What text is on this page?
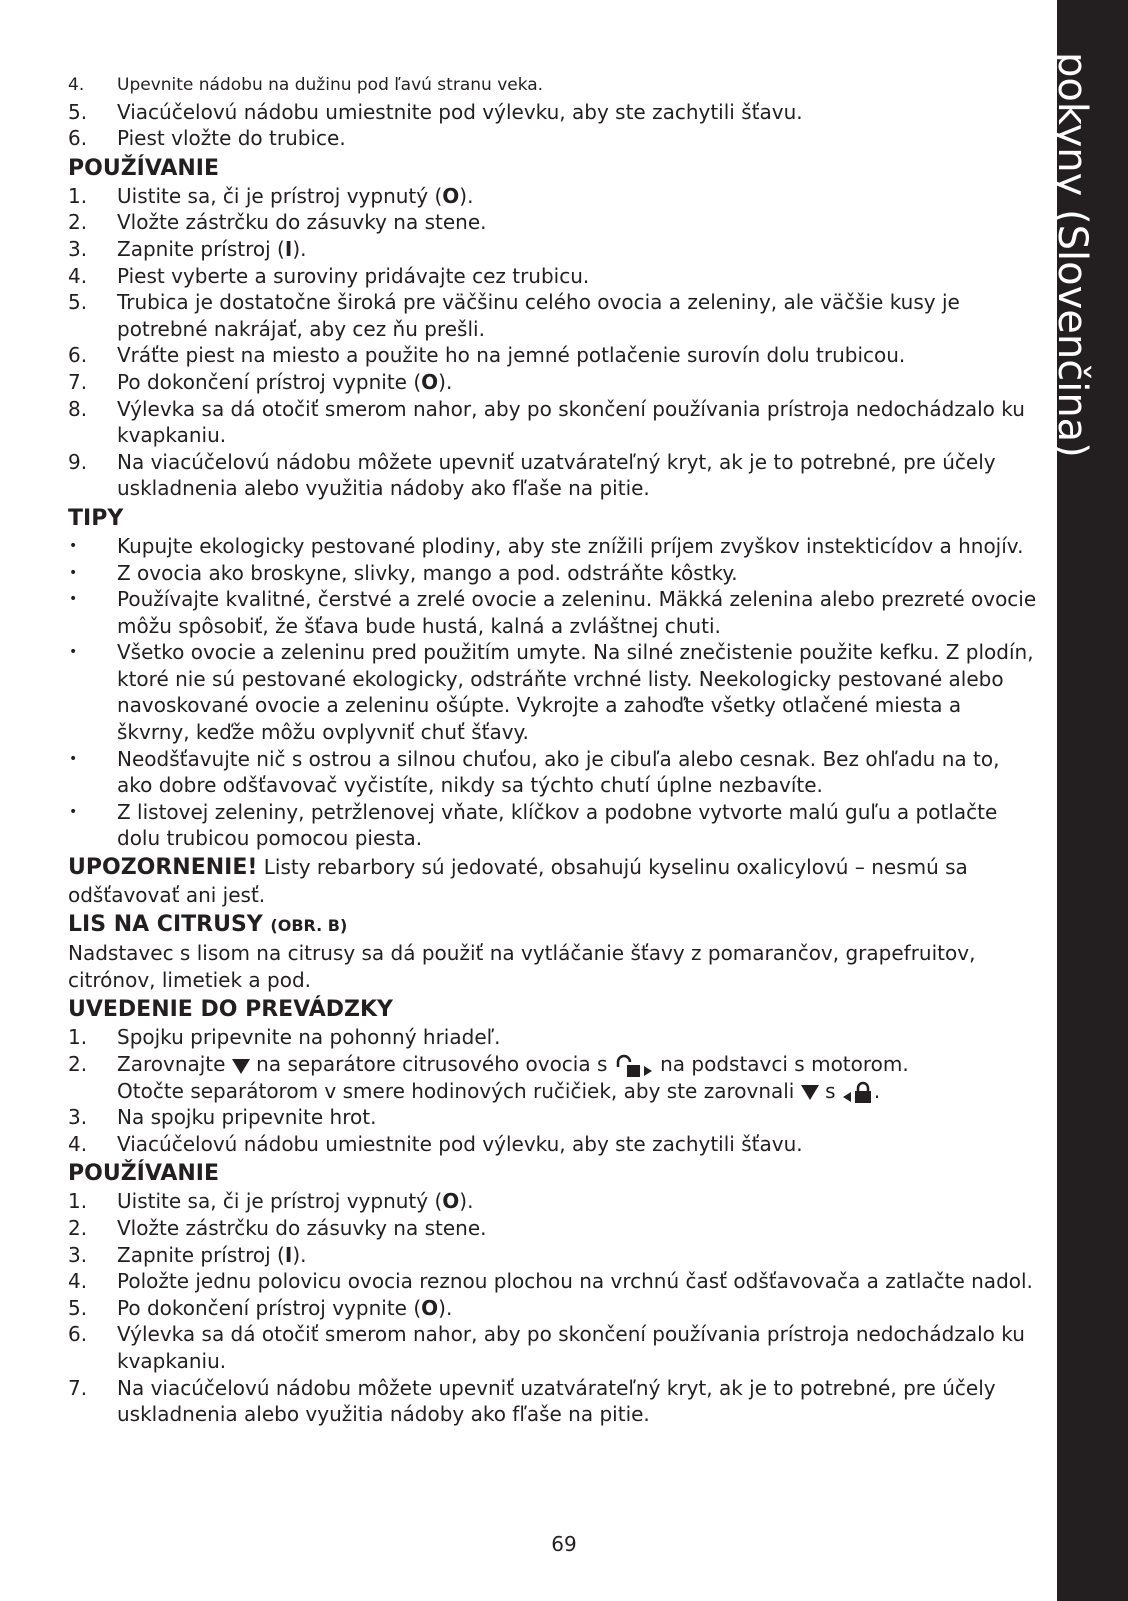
pokyny (Slovenčina)
4. Upevnite nádobu na dužinu pod ľavú stranu veka.
5. Viacúčelovú nádobu umiestnite pod výlevku, aby ste zachytili šťavu.
6. Piest vložte do trubice.
POUŽÍVANIE
1. Uistite sa, či je prístroj vypnutý (O).
2. Vložte zástrčku do zásuvky na stene.
3. Zapnite prístroj (I).
4. Piest vyberte a suroviny pridávajte cez trubicu.
5. Trubica je dostatočne široká pre väčšinu celého ovocia a zeleniny, ale väčšie kusy je potrebné nakrájať, aby cez ňu prešli.
6. Vráťte piest na miesto a použite ho na jemné potlačenie surovín dolu trubicou.
7. Po dokončení prístroj vypnite (O).
8. Výlevka sa dá otočiť smerom nahor, aby po skončení používania prístroja nedochádzalo ku kvapkaniu.
9. Na viacúčelovú nádobu môžete upevniť uzatvárateľný kryt, ak je to potrebné, pre účely uskladnenia alebo využitia nádoby ako fľaše na pitie.
TIPY
• Kupujte ekologicky pestované plodiny, aby ste znížili príjem zvyškov instekticídov a hnojív.
• Z ovocia ako broskyne, slivky, mango a pod. odstráňte kôstky.
• Používajte kvalitné, čerstvé a zrelé ovocie a zeleninu. Mäkká zelenina alebo prezreté ovocie môžu spôsobiť, že šťava bude hustá, kalná a zvláštnej chuti.
• Všetko ovocie a zeleninu pred použitím umyte. Na silné znečistenie použite kefku. Z plodín, ktoré nie sú pestované ekologicky, odstráňte vrchné listy. Neekologicky pestované alebo navoskované ovocie a zeleninu ošúpte. Vykrojte a zahoďte všetky otlačené miesta a škvrny, keďže môžu ovplyvniť chuť šťavy.
• Neodšťavujte nič s ostrou a silnou chuťou, ako je cibuľa alebo cesnak. Bez ohľadu na to, ako dobre odšťavovač vyčistíte, nikdy sa týchto chutí úplne nezbavíte.
• Z listovej zeleniny, petržlenovej vňate, klíčkov a podobne vytvorte malú guľu a potlačte dolu trubicou pomocou piesta.
UPOZORNENIE! Listy rebarbory sú jedovaté, obsahujú kyselinu oxalicylovú – nesmú sa odšťavovať ani jesť.
LIS NA CITRUSY (OBR. B)
Nadstavec s lisom na citrusy sa dá použiť na vytláčanie šťavy z pomarančov, grapefruitov, citrónov, limetiek a pod.
UVEDENIE DO PREVÁDZKY
1. Spojku pripevnite na pohonný hriadeľ.
2. Zarovnajte na separátore citrusového ovocia s	na podstavci s motorom.
Otočte separátorom v smere hodinových ručičiek, aby ste zarovnali s .
3. Na spojku pripevnite hrot.
4. Viacúčelovú nádobu umiestnite pod výlevku, aby ste zachytili šťavu.
POUŽÍVANIE
1. Uistite sa, či je prístroj vypnutý (O).
2. Vložte zástrčku do zásuvky na stene.
3. Zapnite prístroj (I).
4. Položte jednu polovicu ovocia reznou plochou na vrchnú časť odšťavovača a zatlačte nadol.
5. Po dokončení prístroj vypnite (O).
6. Výlevka sa dá otočiť smerom nahor, aby po skončení používania prístroja nedochádzalo ku kvapkaniu.
7. Na viacúčelovú nádobu môžete upevniť uzatvárateľný kryt, ak je to potrebné, pre účely uskladnenia alebo využitia nádoby ako fľaše na pitie.
69
